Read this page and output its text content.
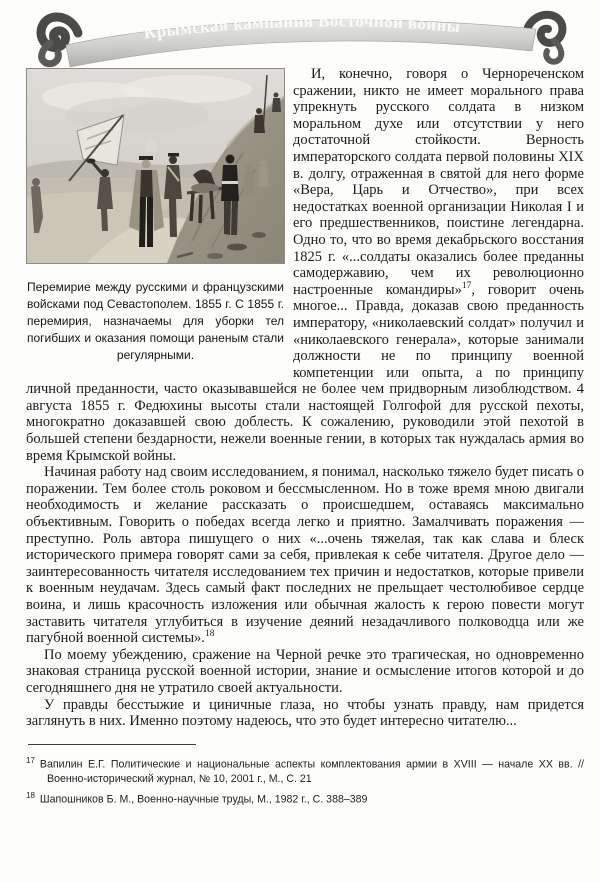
Крымская кампания Восточной войны
Перемирие между русскими и французскими войсками под Севастополем. 1855 г. С 1855 г. перемирия, назначаемы для уборки тел погибших и оказания помощи раненым стали регулярными.

И, конечно, говоря о Чернореченском сражении, никто не имеет морального права упрекнуть русского солдата в низком моральном духе или отсутствии у него достаточной стойкости. Верность императорского солдата первой половины XIX в. долгу, отраженная в святой для него форме «Вера, Царь и Отчество», при всех недостатках военной организации Николая I и его предшественников, поистине легендарна. Одно то, что во время декабрьского восстания 1825 г. «...солдаты оказались более преданны самодержавию, чем их революционно настроенные командиры»$^{17}$, говорит очень многое... Правда, доказав свою преданность императору, «николаевский солдат» получил и «николаевского генерала», которые занимали должности не по принципу военной компетенции или опыта, а по принципу личной преданности, часто оказывавшейся не более чем придворным лизоблюдством. 4 августа 1855 г. Федюхины высоты стали настоящей Голгофой для русской пехоты, многократно доказавшей свою доблесть. К сожалению, руководили этой пехотой в большей степени бездарности, нежели военные гении, в которых так нуждалась армия во время Крымской войны.

Начиная работу над своим исследованием, я понимал, насколько тяжело будет писать о поражении. Тем более столь роковом и бессмысленном. Но в тоже время мною двигали необходимость и желание рассказать о происшедшем, оставаясь максимально объективным. Говорить о победах всегда легко и приятно. Замалчивать поражения — преступно. Роль автора пишущего о них «...очень тяжелая, так как слава и блеск исторического примера говорят сами за себя, привлекая к себе читателя. Другое дело — заинтересованность читателя исследованием тех причин и недостатков, которые привели к военным неудачам. Здесь самый факт последних не прельщает честолюбивое сердце воина, и лишь красочность изложения или обычная жалость к герою повести могут заставить читателя углубиться в изучение деяний незадачливого полководца или же пагубной военной системы».$^{18}$

По моему убеждению, сражение на Черной речке это трагическая, но одновременно знаковая страница русской военной истории, знание и осмысление итогов которой и до сегодняшнего дня не утратило своей актуальности.

У правды бесстыжие и циничные глаза, но чтобы узнать правду, нам придется заглянуть в них. Именно поэтому надеюсь, что это будет интересно читателю...

$^{17}$ Вапилин Е.Г. Политические и национальные аспекты комплектования армии в XVIII — начале XX вв. // Военно-исторический журнал, № 10, 2001 г., М., С. 21
$^{18}$ Шапошников Б. М., Военно-научные труды, М., 1982 г., С. 388–389
